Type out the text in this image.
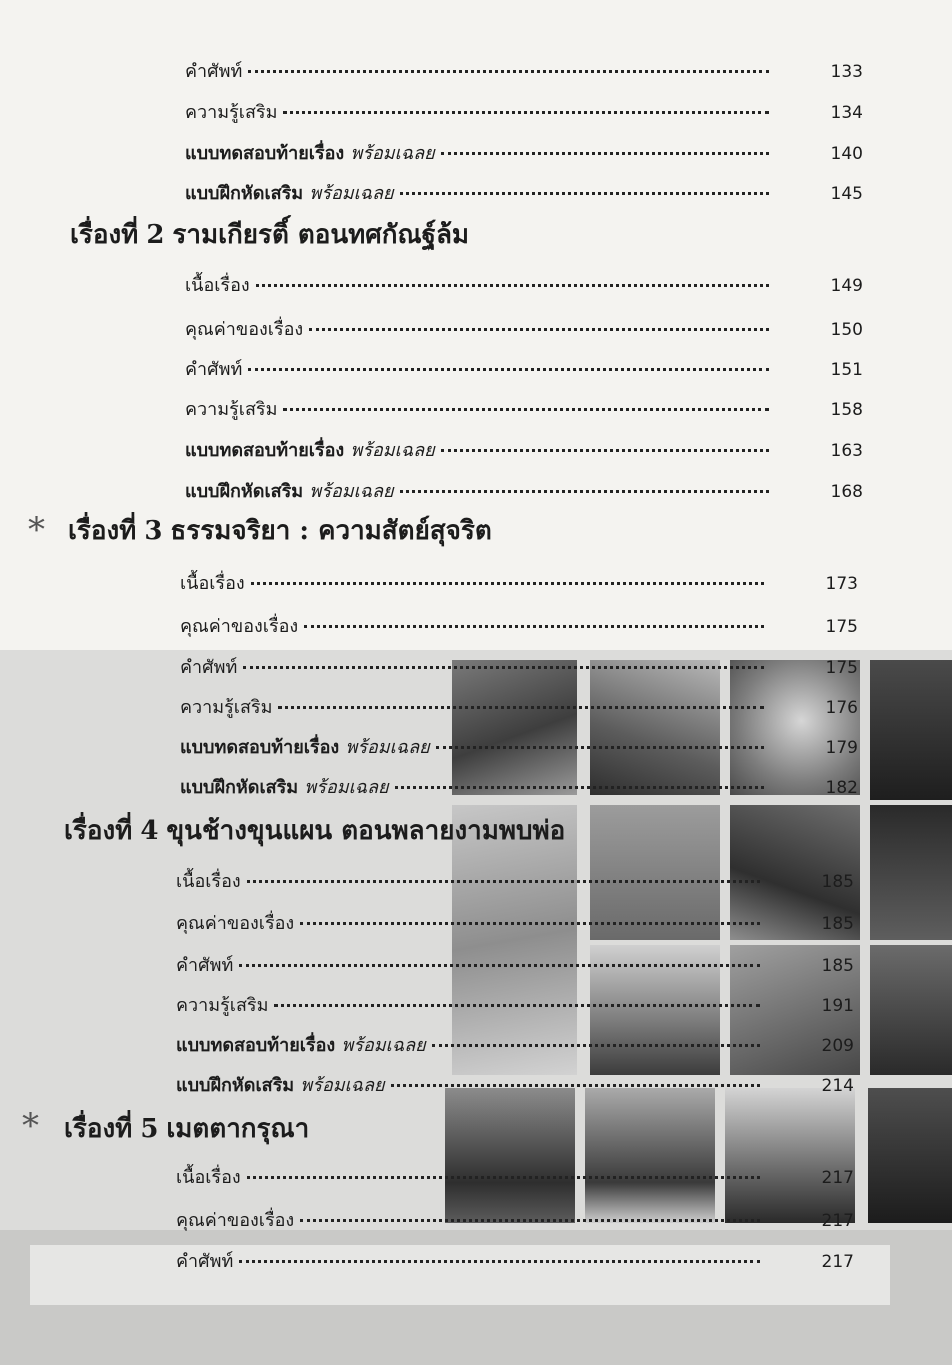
คำศัพท์	133
ความรู้เสริม	134
แบบทดสอบท้ายเรื่อง พร้อมเฉลย	140
แบบฝึกหัดเสริม พร้อมเฉลย	145
เรื่องที่ 2 รามเกียรติ์ ตอนทศกัณฐ์ล้ม
เนื้อเรื่อง	149
คุณค่าของเรื่อง	150
คำศัพท์	151
ความรู้เสริม	158
แบบทดสอบท้ายเรื่อง พร้อมเฉลย	163
แบบฝึกหัดเสริม พร้อมเฉลย	168
* เรื่องที่ 3 ธรรมจริยา : ความสัตย์สุจริต
เนื้อเรื่อง	173
คุณค่าของเรื่อง	175
คำศัพท์	175
ความรู้เสริม	176
แบบทดสอบท้ายเรื่อง พร้อมเฉลย	179
แบบฝึกหัดเสริม พร้อมเฉลย	182
เรื่องที่ 4 ขุนช้างขุนแผน ตอนพลายงามพบพ่อ
เนื้อเรื่อง	185
คุณค่าของเรื่อง	185
คำศัพท์	185
ความรู้เสริม	191
แบบทดสอบท้ายเรื่อง พร้อมเฉลย	209
แบบฝึกหัดเสริม พร้อมเฉลย	214
* เรื่องที่ 5 เมตตากรุณา
เนื้อเรื่อง	217
คุณค่าของเรื่อง	217
คำศัพท์	217
